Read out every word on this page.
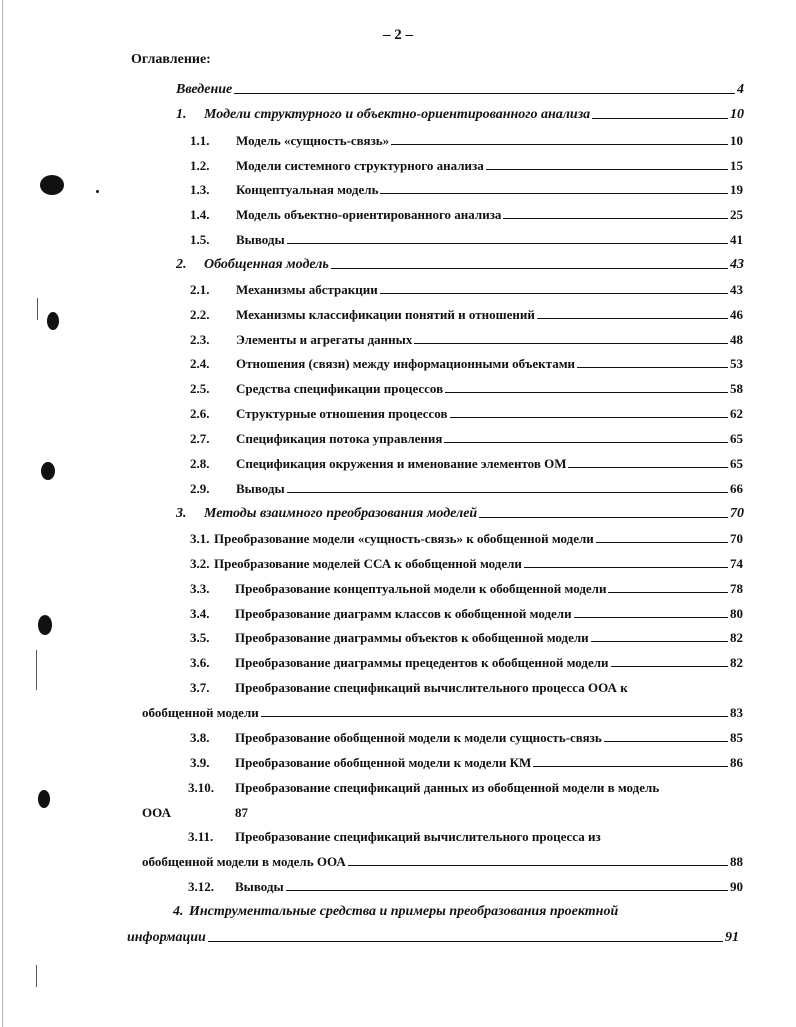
– 2 –
Оглавление:
Введение	4
1.	Модели структурного и объектно-ориентированного анализа	10
1.1.	Модель «сущность-связь»	10
1.2.	Модели системного структурного анализа	15
1.3.	Концептуальная модель	19
1.4.	Модель объектно-ориентированного анализа	25
1.5.	Выводы	41
2.	Обобщенная модель	43
2.1.	Механизмы абстракции	43
2.2.	Механизмы классификации понятий и отношений	46
2.3.	Элементы и агрегаты данных	48
2.4.	Отношения (связи) между информационными объектами	53
2.5.	Средства спецификации процессов	58
2.6.	Структурные отношения процессов	62
2.7.	Спецификация потока управления	65
2.8.	Спецификация окружения и именование элементов ОМ	65
2.9.	Выводы	66
3.	Методы взаимного преобразования моделей	70
3.1. Преобразование модели «сущность-связь» к обобщенной модели	70
3.2. Преобразование моделей ССА к обобщенной модели	74
3.3.	Преобразование концептуальной модели к обобщенной модели	78
3.4.	Преобразование диаграмм классов к обобщенной модели	80
3.5.	Преобразование диаграммы объектов к обобщенной модели	82
3.6.	Преобразование диаграммы прецедентов к обобщенной модели	82
3.7.	Преобразование спецификаций вычислительного процесса ООА к
обобщенной модели	83
3.8.	Преобразование обобщенной модели к модели сущность-связь	85
3.9.	Преобразование обобщенной модели к модели КМ	86
3.10.	Преобразование спецификаций данных из обобщенной модели в модель
ООА	87
3.11.	Преобразование спецификаций вычислительного процесса из
обобщенной модели в модель ООА	88
3.12.	Выводы	90
4. Инструментальные средства и примеры преобразования проектной
информации	91
